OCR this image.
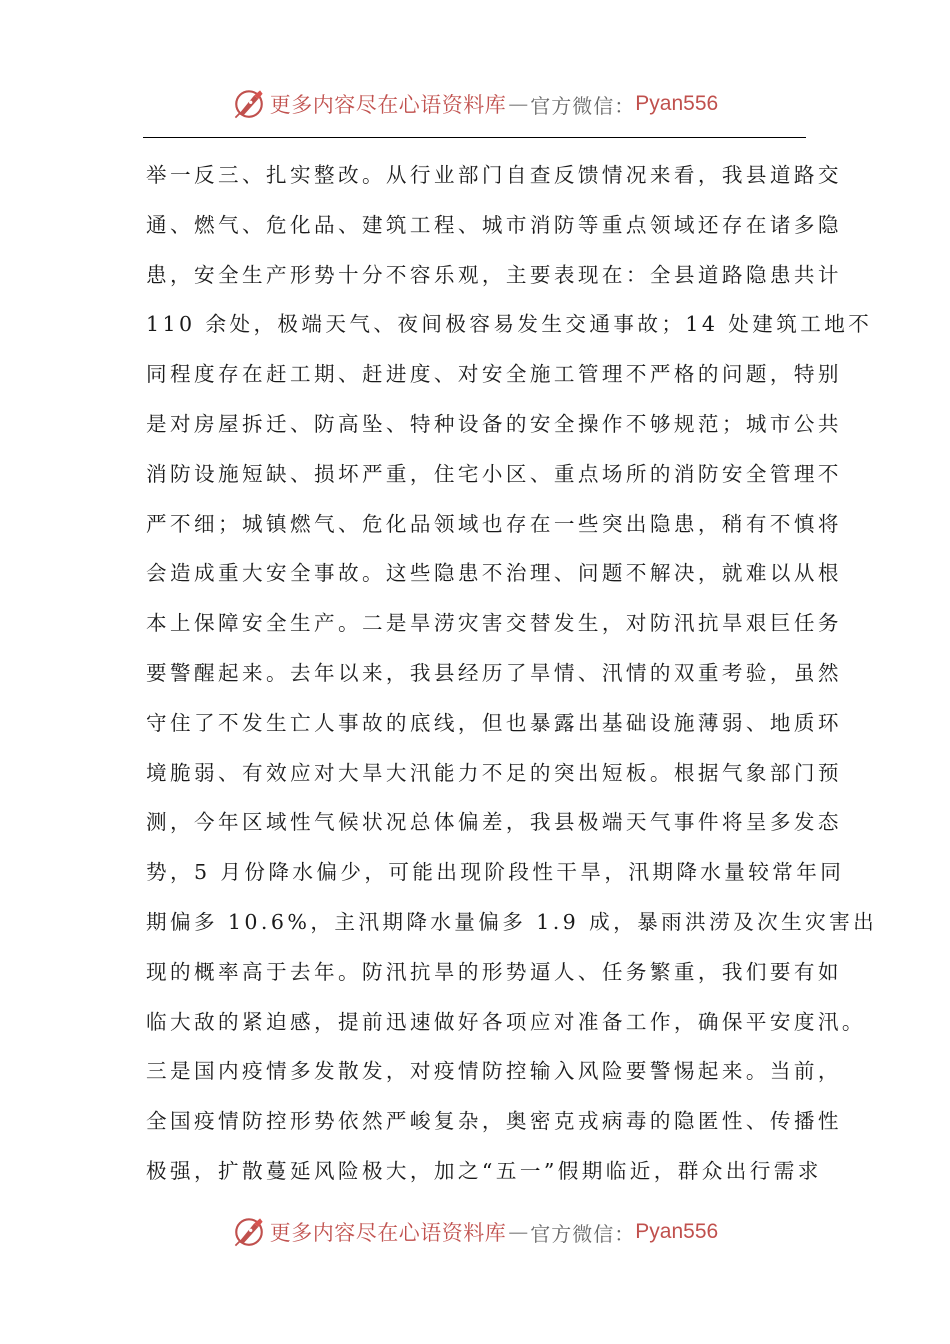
更多内容尽在心语资料库 — 官方微信： Pyan556
举一反三、扎实整改。从行业部门自查反馈情况来看，我县道路交
通、燃气、危化品、建筑工程、城市消防等重点领域还存在诸多隐
患，安全生产形势十分不容乐观，主要表现在：全县道路隐患共计
110 余处，极端天气、夜间极容易发生交通事故；14 处建筑工地不
同程度存在赶工期、赶进度、对安全施工管理不严格的问题，特别
是对房屋拆迁、防高坠、特种设备的安全操作不够规范；城市公共
消防设施短缺、损坏严重，住宅小区、重点场所的消防安全管理不
严不细；城镇燃气、危化品领域也存在一些突出隐患，稍有不慎将
会造成重大安全事故。这些隐患不治理、问题不解决，就难以从根
本上保障安全生产。二是旱涝灾害交替发生，对防汛抗旱艰巨任务
要警醒起来。去年以来，我县经历了旱情、汛情的双重考验，虽然
守住了不发生亡人事故的底线，但也暴露出基础设施薄弱、地质环
境脆弱、有效应对大旱大汛能力不足的突出短板。根据气象部门预
测，今年区域性气候状况总体偏差，我县极端天气事件将呈多发态
势，5 月份降水偏少，可能出现阶段性干旱，汛期降水量较常年同
期偏多 10.6%，主汛期降水量偏多 1.9 成，暴雨洪涝及次生灾害出
现的概率高于去年。防汛抗旱的形势逼人、任务繁重，我们要有如
临大敌的紧迫感，提前迅速做好各项应对准备工作，确保平安度汛。
三是国内疫情多发散发，对疫情防控输入风险要警惕起来。当前，
全国疫情防控形势依然严峻复杂，奥密克戎病毒的隐匿性、传播性
极强，扩散蔓延风险极大，加之“五一”假期临近，群众出行需求
更多内容尽在心语资料库 — 官方微信： Pyan556
